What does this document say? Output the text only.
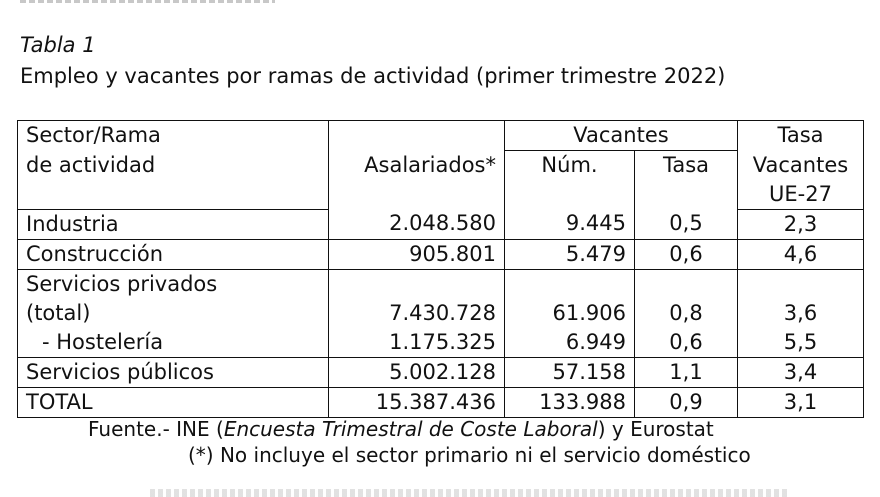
Tabla 1
Empleo y vacantes por ramas de actividad (primer trimestre 2022)
Sector/Rama	Asalariados*	Vacantes		Tasa
de actividad		Núm.	Tasa	Vacantes
				UE-27
Industria	2.048.580	9.445	0,5	2,3
Construcción	905.801	5.479	0,6	4,6
Servicios privados				
(total)	7.430.728	61.906	0,8	3,6
- Hostelería	1.175.325	6.949	0,6	5,5
Servicios públicos	5.002.128	57.158	1,1	3,4
TOTAL	15.387.436	133.988	0,9	3,1
Fuente.- INE (Encuesta Trimestral de Coste Laboral) y Eurostat
(*) No incluye el sector primario ni el servicio doméstico
